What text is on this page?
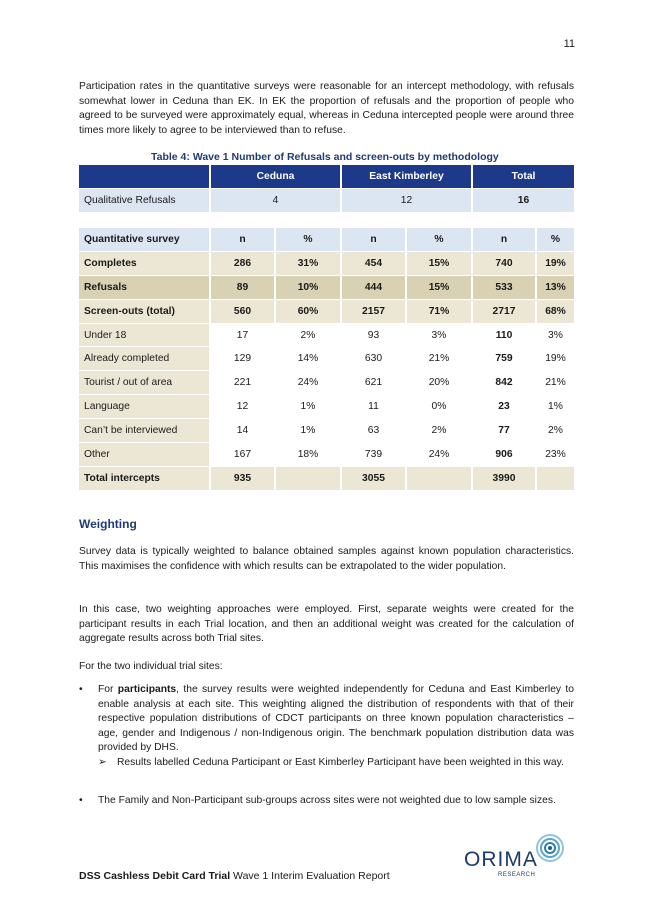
11

Participation rates in the quantitative surveys were reasonable for an intercept methodology, with refusals somewhat lower in Ceduna than EK. In EK the proportion of refusals and the proportion of people who agreed to be surveyed were approximately equal, whereas in Ceduna intercepted people were around three times more likely to agree to be interviewed than to refuse.

Table 4: Wave 1 Number of Refusals and screen-outs by methodology
	Ceduna	East Kimberley	Total
Qualitative Refusals	4	12	16
Quantitative survey	n	%	n	%	n	%
Completes	286	31%	454	15%	740	19%
Refusals	89	10%	444	15%	533	13%
Screen-outs (total)	560	60%	2157	71%	2717	68%
Under 18	17	2%	93	3%	110	3%
Already completed	129	14%	630	21%	759	19%
Tourist / out of area	221	24%	621	20%	842	21%
Language	12	1%	11	0%	23	1%
Can’t be interviewed	14	1%	63	2%	77	2%
Other	167	18%	739	24%	906	23%
Total intercepts	935		3055		3990	
Weighting

Survey data is typically weighted to balance obtained samples against known population characteristics. This maximises the confidence with which results can be extrapolated to the wider population.

In this case, two weighting approaches were employed. First, separate weights were created for the participant results in each Trial location, and then an additional weight was created for the calculation of aggregate results across both Trial sites.

For the two individual trial sites:

• For participants, the survey results were weighted independently for Ceduna and East Kimberley to enable analysis at each site. This weighting aligned the distribution of respondents with that of their respective population distributions of CDCT participants on three known population characteristics – age, gender and Indigenous / non-Indigenous origin. The benchmark population distribution data was provided by DHS.
➢ Results labelled Ceduna Participant or East Kimberley Participant have been weighted in this way.
• The Family and Non-Participant sub-groups across sites were not weighted due to low sample sizes.
DSS Cashless Debit Card Trial Wave 1 Interim Evaluation Report
ORIMA
RESEARCH
